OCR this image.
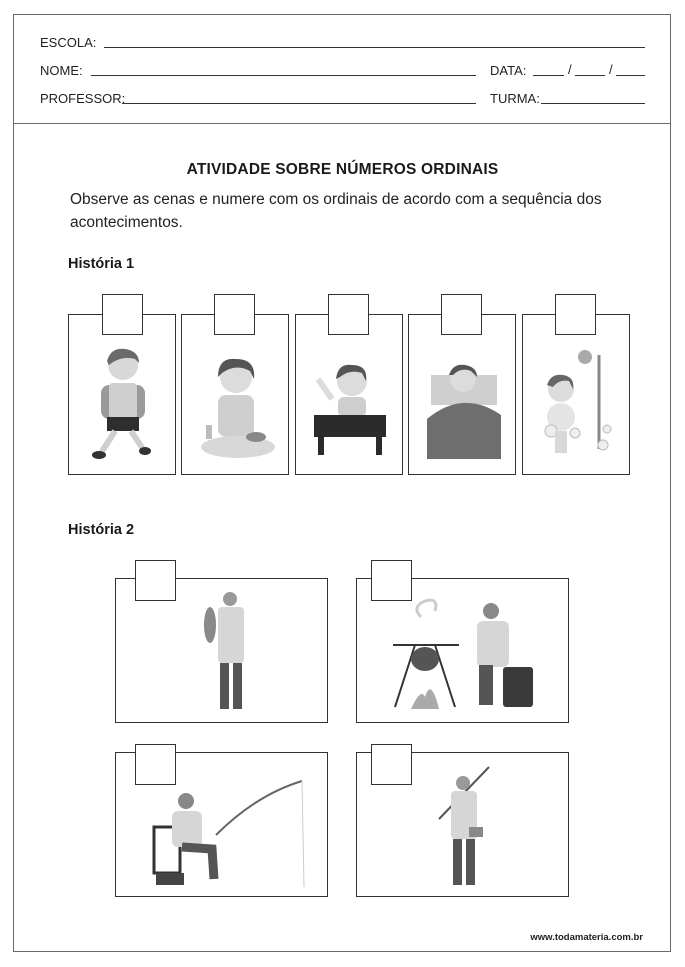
ESCOLA:
NOME:	DATA:	/	/
PROFESSOR:	TURMA:
ATIVIDADE SOBRE NÚMEROS ORDINAIS
Observe as cenas e numere com os ordinais de acordo com a sequência dos acontecimentos.
História 1
História 2
www.todamateria.com.br
